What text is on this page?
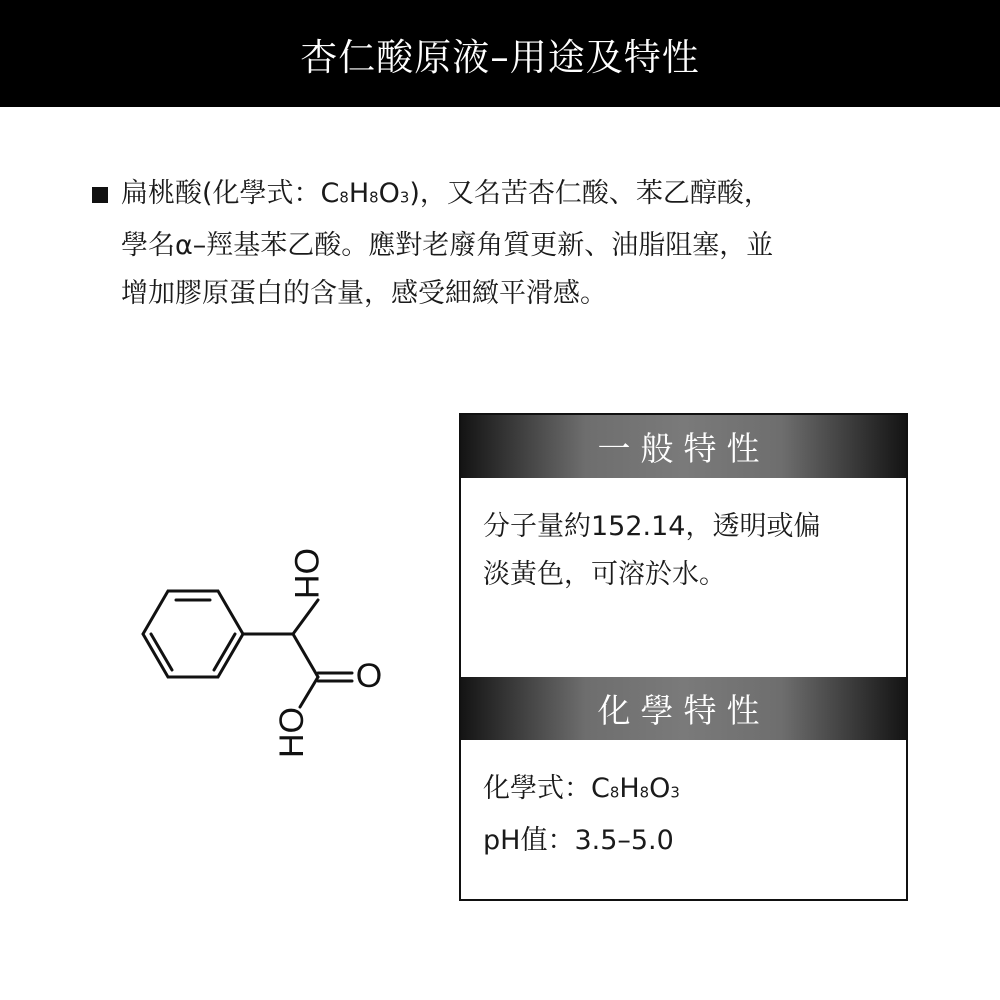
杏仁酸原液–用途及特性
扁桃酸(化學式：C8H8O3)，又名苦杏仁酸、苯乙醇酸，
學名α–羥基苯乙酸。應對老廢角質更新、油脂阻塞，並
增加膠原蛋白的含量，感受細緻平滑感。
OH
O
HO
一般特性
分子量約152.14，透明或偏
淡黃色，可溶於水。
化學特性
化學式：C8H8O3
pH值：3.5–5.0
